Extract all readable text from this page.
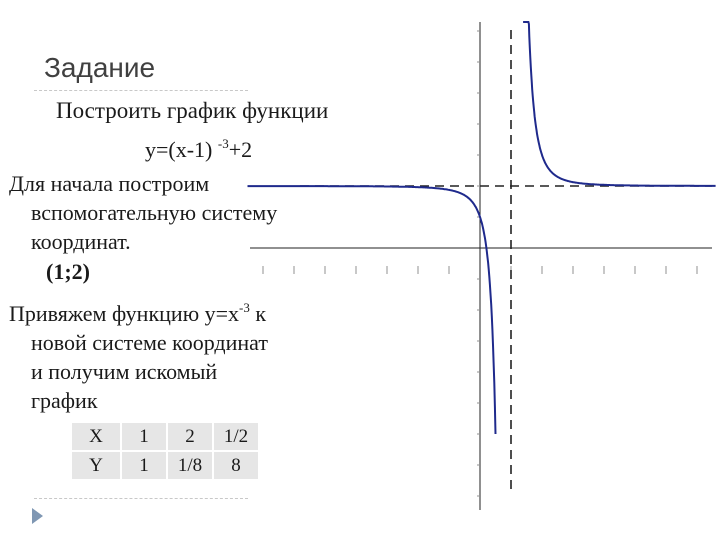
Задание
Построить график функции
y=(x-1) $^{-3}$+2
Для начала построим
вспомогательную систему
координат.
(1;2)
Привяжем функцию $y=x^{-3}$ к
новой системе координат
и получим искомый
график
X	1	2	1/2
Y	1	1/8	8
